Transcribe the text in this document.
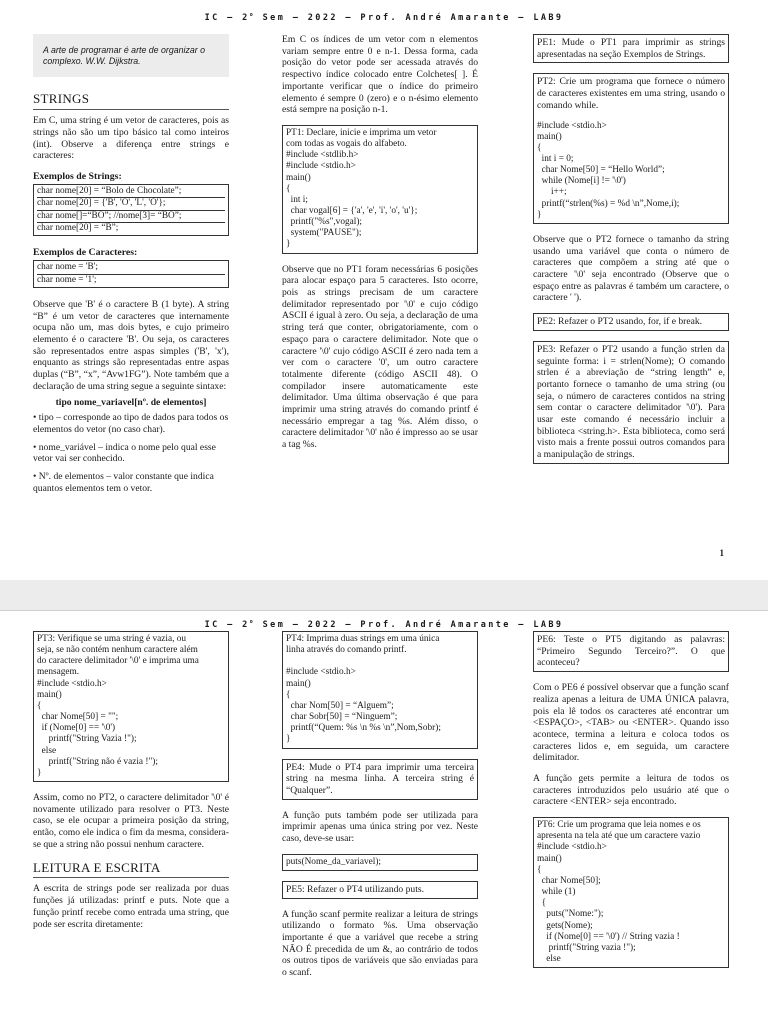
IC – 2$^o$ Sem – 2022 – Prof. André Amarante – LAB9

A arte de programar é arte de organizar o complexo. W.W. Dijkstra.

STRINGS

Em C, uma string é um vetor de caracteres, pois as strings não são um tipo básico tal como inteiros (int). Observe a diferença entre strings e caracteres:

Exemplos de Strings:
char nome[20] = “Bolo de Chocolate”;
char nome[20] = {'B', 'O', 'L', 'O'};
char nome[]=“BO”; //nome[3]= “BO”;
char nome[20] = “B”;
Exemplos de Caracteres:
char nome = 'B';
char nome = '1';

Observe que 'B' é o caractere B (1 byte). A string “B” é um vetor de caracteres que internamente ocupa não um, mas dois bytes, e cujo primeiro elemento é o caractere 'B'. Ou seja, os caracteres são representados entre aspas simples ('B', 'x'), enquanto as strings são representadas entre aspas duplas (“B”, “x”, “Avw1FG”). Note também que a declaração de uma string segue a seguinte sintaxe:

tipo nome_variavel[nº. de elementos]

• tipo – corresponde ao tipo de dados para todos os elementos do vetor (no caso char).

• nome_variável – indica o nome pelo qual esse vetor vai ser conhecido.

• Nº. de elementos – valor constante que indica quantos elementos tem o vetor.

Em C os índices de um vetor com n elementos variam sempre entre 0 e n-1. Dessa forma, cada posição do vetor pode ser acessada através do respectivo índice colocado entre Colchetes[ ]. É importante verificar que o índice do primeiro elemento é sempre 0 (zero) e o n-ésimo elemento está sempre na posição n-1.

PT1: Declare, inicie e imprima um vetor
com todas as vogais do alfabeto.
#include <stdlib.h>
#include <stdio.h>
main()
{
int i;
char vogal[6] = {'a', 'e', 'i', 'o', 'u'};
printf("%s",vogal);
system("PAUSE");
}

Observe que no PT1 foram necessárias 6 posições para alocar espaço para 5 caracteres. Isto ocorre, pois as strings precisam de um caractere delimitador representado por '\0' e cujo código ASCII é igual à zero. Ou seja, a declaração de uma string terá que conter, obrigatoriamente, com o espaço para o caractere delimitador. Note que o caractere '\0' cujo código ASCII é zero nada tem a ver com o caractere '0', um outro caractere totalmente diferente (código ASCII 48). O compilador insere automaticamente este delimitador. Uma última observação é que para imprimir uma string através do comando printf é necessário empregar a tag %s. Além disso, o caractere delimitador '\0' não é impresso ao se usar a tag %s.

PE1: Mude o PT1 para imprimir as strings apresentadas na seção Exemplos de Strings.

PT2: Crie um programa que fornece o número de caracteres existentes em uma string, usando o comando while.

#include <stdio.h>
main()
{
int i = 0;
char Nome[50] = “Hello World”;
while (Nome[i] != '\0')
i++;
printf(“strlen(%s) = %d \n”,Nome,i);
}

Observe que o PT2 fornece o tamanho da string usando uma variável que conta o número de caracteres que compõem a string até que o caractere '\0' seja encontrado (Observe que o espaço entre as palavras é também um caractere, o caractere ' ').

PE2: Refazer o PT2 usando, for, if e break.

PE3: Refazer o PT2 usando a função strlen da seguinte forma: i = strlen(Nome); O comando strlen é a abreviação de “string length” e, portanto fornece o tamanho de uma string (ou seja, o número de caracteres contidos na string sem contar o caractere delimitador '\0'). Para usar este comando é necessário incluir a biblioteca <string.h>. Esta biblioteca, como será visto mais a frente possui outros comandos para a manipulação de strings.

1
IC – 2$^o$ Sem – 2022 – Prof. André Amarante – LAB9
PT3: Verifique se uma string é vazia, ou
seja, se não contém nenhum caractere além
do caractere delimitador '\0' e imprima uma
mensagem.
#include <stdio.h>
main()
{
char Nome[50] = "";
if (Nome[0] == '\0')
printf("String Vazia !");
else
printf("String não é vazia !");
}

Assim, como no PT2, o caractere delimitador '\0' é novamente utilizado para resolver o PT3. Neste caso, se ele ocupar a primeira posição da string, então, como ele indica o fim da mesma, considera-se que a string não possui nenhum caractere.

LEITURA E ESCRITA

A escrita de strings pode ser realizada por duas funções já utilizadas: printf e puts. Note que a função printf recebe como entrada uma string, que pode ser escrita diretamente:

PT4: Imprima duas strings em uma única
linha através do comando printf.

#include <stdio.h>
main()
{
char Nom[50] = “Alguem”;
char Sobr[50] = “Ninguem”;
printf(“Quem: %s \n %s \n”,Nom,Sobr);
}

PE4: Mude o PT4 para imprimir uma terceira string na mesma linha. A terceira string é “Qualquer”.

A função puts também pode ser utilizada para imprimir apenas uma única string por vez. Neste caso, deve-se usar:

puts(Nome_da_variavel);

PE5: Refazer o PT4 utilizando puts.

A função scanf permite realizar a leitura de strings utilizando o formato %s. Uma observação importante é que a variável que recebe a string NÃO É precedida de um &, ao contrário de todos os outros tipos de variáveis que são enviadas para o scanf.

PE6: Teste o PT5 digitando as palavras: “Primeiro Segundo Terceiro?”. O que aconteceu?

Com o PE6 é possível observar que a função scanf realiza apenas a leitura de UMA ÚNICA palavra, pois ela lê todos os caracteres até encontrar um <ESPAÇO>, <TAB> ou <ENTER>. Quando isso acontece, termina a leitura e coloca todos os caracteres lidos e, em seguida, um caractere delimitador.

A função gets permite a leitura de todos os caracteres introduzidos pelo usuário até que o caractere <ENTER> seja encontrado.

PT6: Crie um programa que leia nomes e os
apresenta na tela até que um caractere vazio
#include <stdio.h>
main()
{
char Nome[50];
while (1)
{
puts("Nome:");
gets(Nome);
if (Nome[0] == '\0') // String vazia !
printf("String vazia !");
else
